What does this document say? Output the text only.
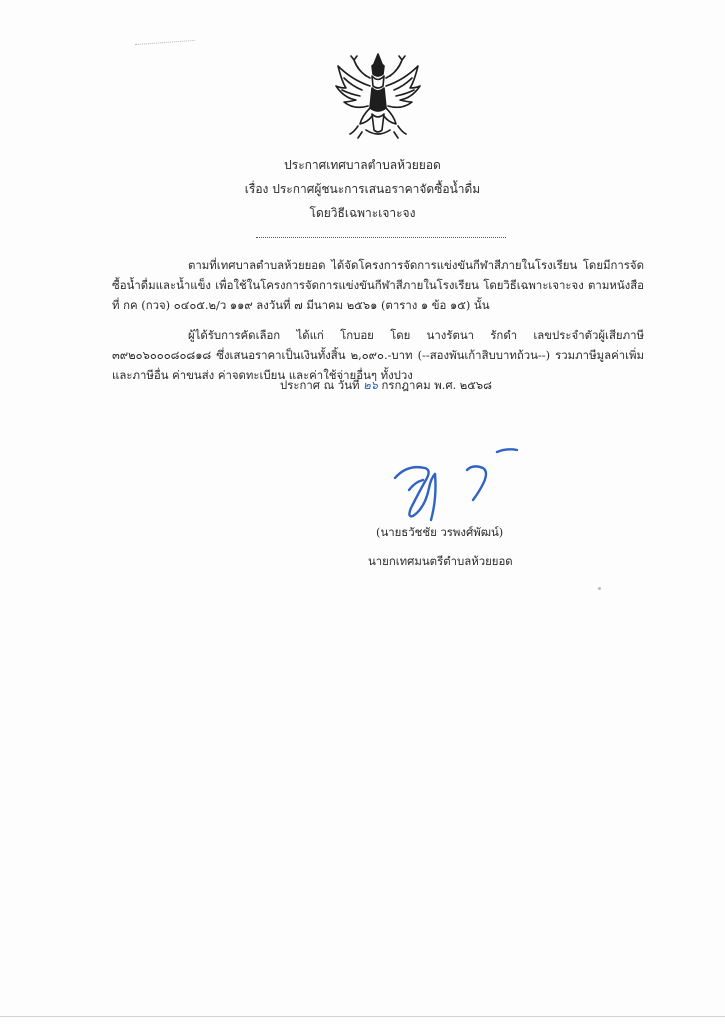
ประกาศเทศบาลตำบลห้วยยอด
เรื่อง ประกาศผู้ชนะการเสนอราคาจัดซื้อน้ำดื่ม
โดยวิธีเฉพาะเจาะจง
ตามที่เทศบาลตำบลห้วยยอด ได้จัดโครงการจัดการแข่งขันกีฬาสีภายในโรงเรียน โดยมีการจัดซื้อน้ำดื่มและน้ำแข็ง เพื่อใช้ในโครงการจัดการแข่งขันกีฬาสีภายในโรงเรียน โดยวิธีเฉพาะเจาะจง ตามหนังสือที่ กค (กวจ) ๐๔๐๕.๒/ว ๑๑๙ ลงวันที่ ๗ มีนาคม ๒๕๖๑ (ตาราง ๑ ข้อ ๑๕) นั้น
ผู้ได้รับการคัดเลือก ได้แก่ โกบอย โดย นางรัตนา รักดำ เลขประจำตัวผู้เสียภาษี ๓๙๒๐๖๐๐๐๘๐๘๑๘ ซึ่งเสนอราคาเป็นเงินทั้งสิ้น ๒,๐๙๐.-บาท (--สองพันเก้าสิบบาทถ้วน--) รวมภาษีมูลค่าเพิ่มและภาษีอื่น ค่าขนส่ง ค่าจดทะเบียน และค่าใช้จ่ายอื่นๆ ทั้งปวง
ประกาศ ณ วันที่ ๒๖ กรกฎาคม พ.ศ. ๒๕๖๘
(นายธวัชชัย วรพงศ์พัฒน์)
นายกเทศมนตรีตำบลห้วยยอด
